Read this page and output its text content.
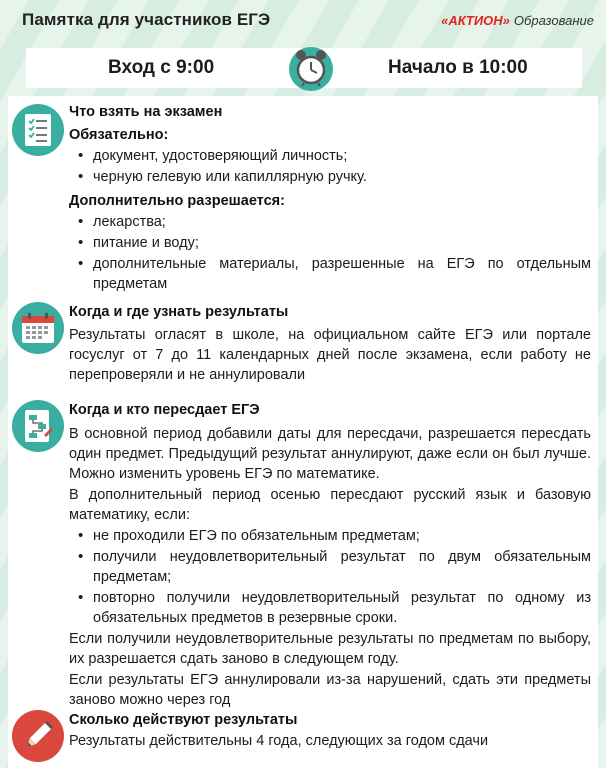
Памятка для участников ЕГЭ	«АКТИОН» Образование
Вход с 9:00	Начало в 10:00
Что взять на экзамен
Обязательно:
• документ, удостоверяющий личность;
• черную гелевую или капиллярную ручку.
Дополнительно разрешается:
• лекарства;
• питание и воду;
• дополнительные материалы, разрешенные на ЕГЭ по отдельным предметам
Когда и где узнать результаты
Результаты огласят в школе, на официальном сайте ЕГЭ или портале госуслуг от 7 до 11 календарных дней после экзамена, если работу не перепроверяли и не аннулировали
Когда и кто пересдает ЕГЭ
В основной период добавили даты для пересдачи, разрешается пересдать один предмет. Предыдущий результат аннулируют, даже если он был лучше. Можно изменить уровень ЕГЭ по математике.
В дополнительный период осенью пересдают русский язык и базовую математику, если:
• не проходили ЕГЭ по обязательным предметам;
• получили неудовлетворительный результат по двум обязательным предметам;
• повторно получили неудовлетворительный результат по одному из обязательных предметов в резервные сроки.
Если получили неудовлетворительные результаты по предметам по выбору, их разрешается сдать заново в следующем году.
Если результаты ЕГЭ аннулировали из-за нарушений, сдать эти предметы заново можно через год
Сколько действуют результаты
Результаты действительны 4 года, следующих за годом сдачи
